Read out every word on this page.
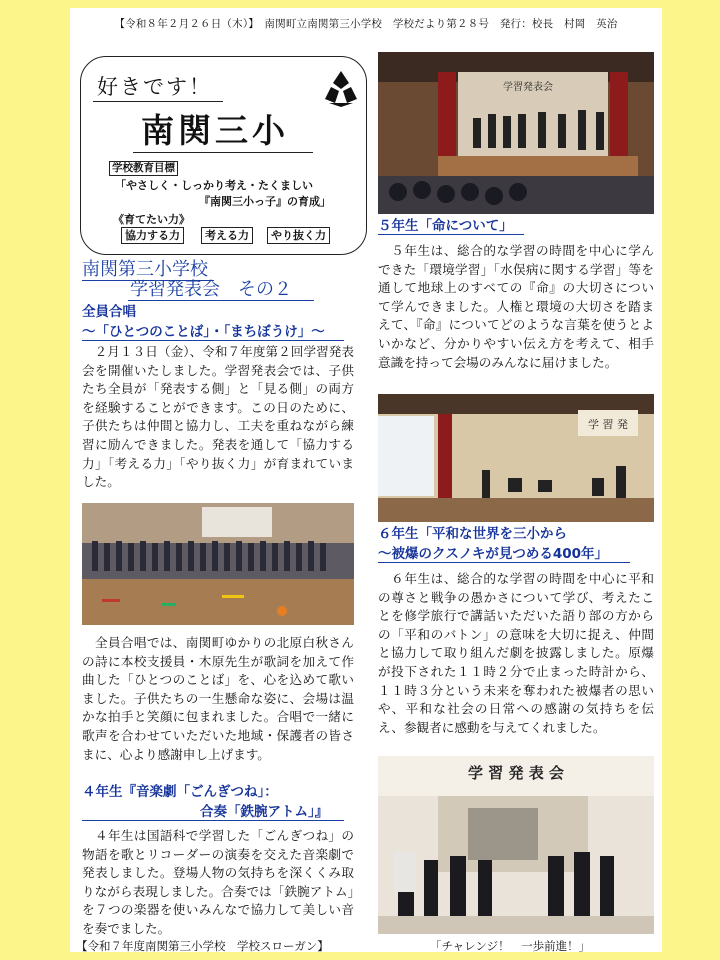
【令和８年２月２６日（木）】　南関町立南関第三小学校　学校だより第２８号　発行：校長　村岡　英治
好きです！
南関三小
学校教育目標
「やさしく・しっかり考え・たくましい
『南関三小っ子』の育成」
《育てたい力》
協力する力	考える力	やり抜く力
南関第三小学校
学習発表会　その２
全員合唱
～「ひとつのことば」・「まちぼうけ」～
　２月１３日（金）、令和７年度第２回学習発表会を開催いたしました。学習発表会では、子供たち全員が「発表する側」と「見る側」の両方を経験することができます。この日のために、子供たちは仲間と協力し、工夫を重ねながら練習に励んできました。発表を通して「協力する力」「考える力」「やり抜く力」が育まれていました。
　全員合唱では、南関町ゆかりの北原白秋さんの詩に本校支援員・木原先生が歌詞を加えて作曲した「ひとつのことば」を、心を込めて歌いました。子供たちの一生懸命な姿に、会場は温かな拍手と笑顔に包まれました。合唱で一緒に歌声を合わせていただいた地域・保護者の皆さまに、心より感謝申し上げます。
４年生『音楽劇「ごんぎつね」：
合奏「鉄腕アトム」』
　４年生は国語科で学習した「ごんぎつね」の物語を歌とリコーダーの演奏を交えた音楽劇で発表しました。登場人物の気持ちを深くくみ取りながら表現しました。合奏では「鉄腕アトム」を７つの楽器を使いみんなで協力して美しい音を奏でました。
学習発表会
５年生「命について」
　５年生は、総合的な学習の時間を中心に学んできた「環境学習」「水俣病に関する学習」等を通して地球上のすべての『命』の大切さについて学んできました。人権と環境の大切さを踏まえて、『命』についてどのような言葉を使うとよいかなど、分かりやすい伝え方を考えて、相手意識を持って会場のみんなに届けました。
学 習 発
６年生「平和な世界を三小から
～被爆のクスノキが見つめる400年」
　６年生は、総合的な学習の時間を中心に平和の尊さと戦争の愚かさについて学び、考えたことを修学旅行で講話いただいた語り部の方からの「平和のバトン」の意味を大切に捉え、仲間と協力して取り組んだ劇を披露しました。原爆が投下された１１時２分で止まった時計から、１１時３分という未来を奪われた被爆者の思いや、平和な社会の日常への感謝の気持ちを伝え、参観者に感動を与えてくれました。
学 習 発 表 会
【令和７年度南関第三小学校　学校スローガン】	「チャレンジ！　一歩前進！」
